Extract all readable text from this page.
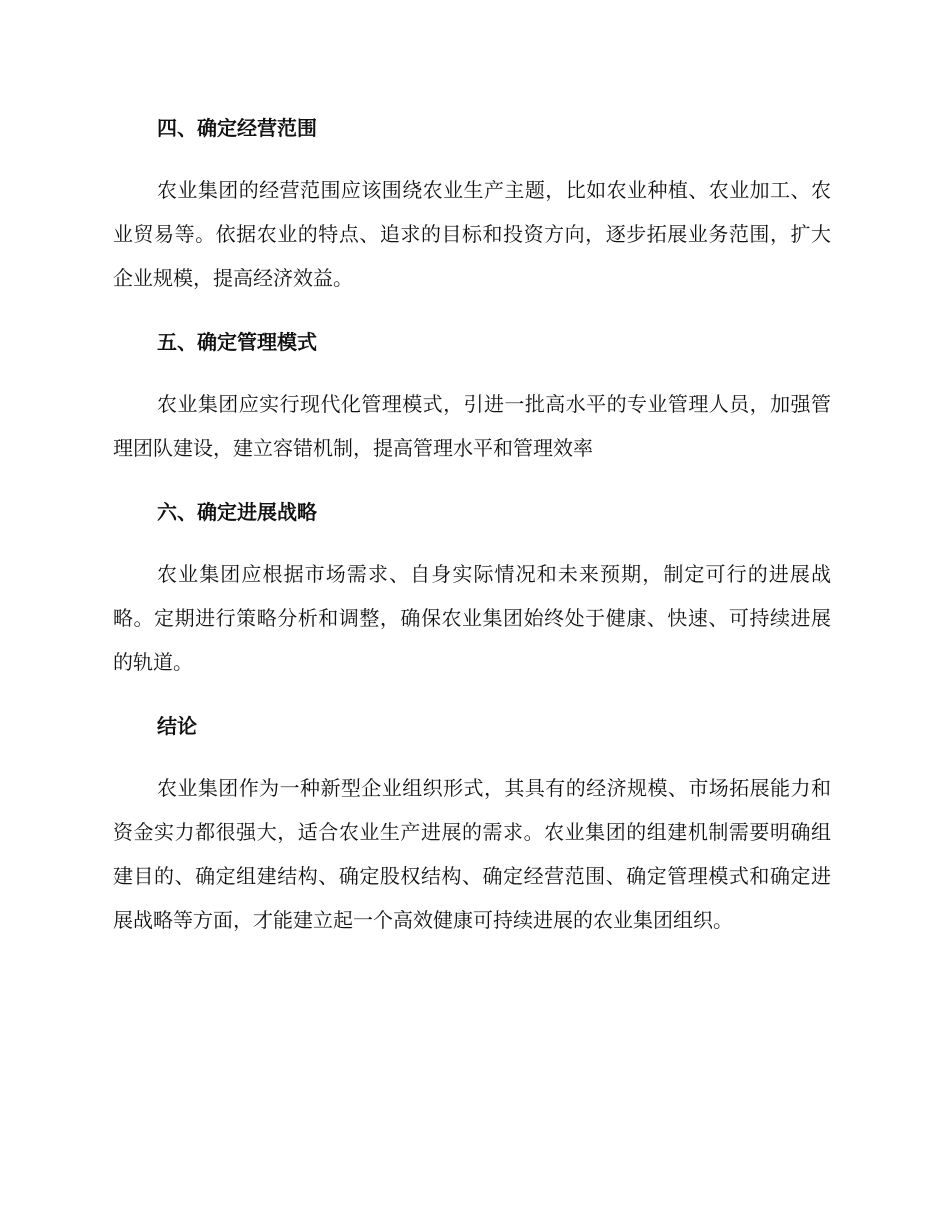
四、确定经营范围

农业集团的经营范围应该围绕农业生产主题，比如农业种植、农业加工、农业贸易等。依据农业的特点、追求的目标和投资方向，逐步拓展业务范围，扩大企业规模，提高经济效益。

五、确定管理模式

农业集团应实行现代化管理模式，引进一批高水平的专业管理人员，加强管理团队建设，建立容错机制，提高管理水平和管理效率

六、确定进展战略

农业集团应根据市场需求、自身实际情况和未来预期，制定可行的进展战略。定期进行策略分析和调整，确保农业集团始终处于健康、快速、可持续进展的轨道。

结论

农业集团作为一种新型企业组织形式，其具有的经济规模、市场拓展能力和资金实力都很强大，适合农业生产进展的需求。农业集团的组建机制需要明确组建目的、确定组建结构、确定股权结构、确定经营范围、确定管理模式和确定进展战略等方面，才能建立起一个高效健康可持续进展的农业集团组织。
